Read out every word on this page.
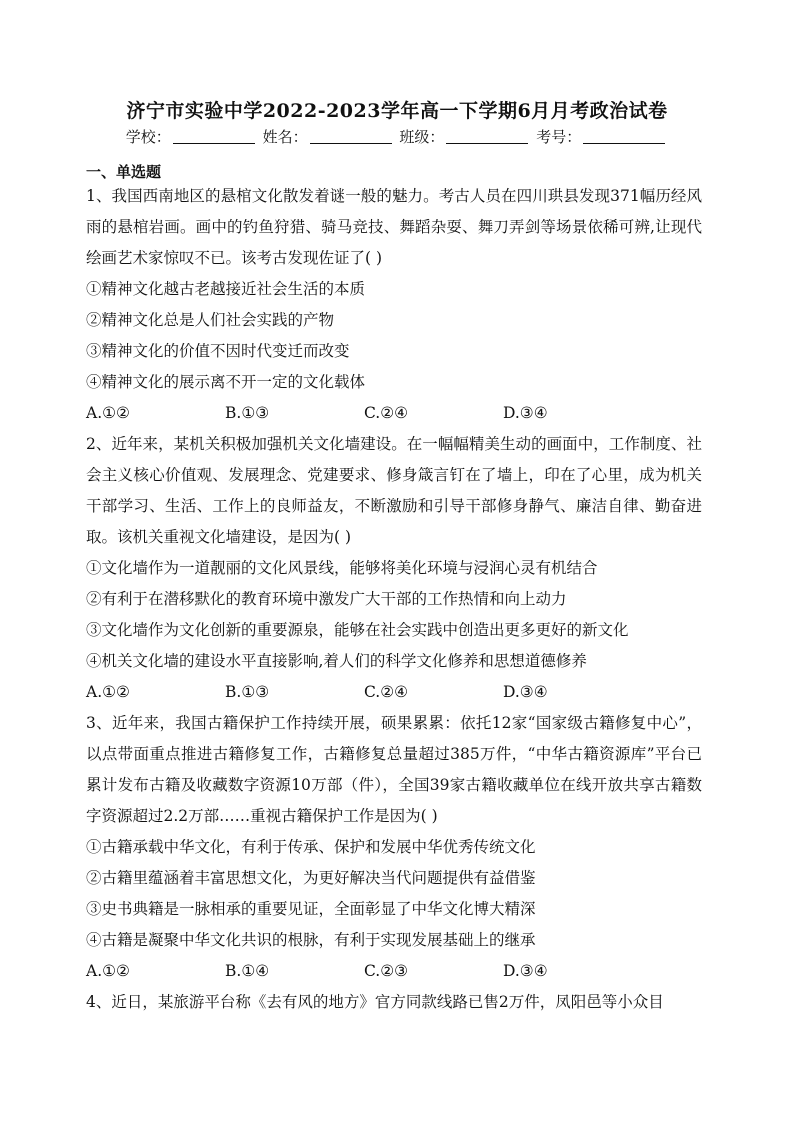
济宁市实验中学2022-2023学年高一下学期6月月考政治试卷
学校：	姓名：	班级：	考号：
一、单选题

1、我国西南地区的悬棺文化散发着谜一般的魅力。考古人员在四川珙县发现371幅历经风雨的悬棺岩画。画中的钓鱼狩猎、骑马竞技、舞蹈杂耍、舞刀弄剑等场景依稀可辨,让现代绘画艺术家惊叹不已。该考古发现佐证了( )

①精神文化越古老越接近社会生活的本质

②精神文化总是人们社会实践的产物

③精神文化的价值不因时代变迁而改变

④精神文化的展示离不开一定的文化载体

A.①②	B.①③	C.②④	D.③④

2、近年来，某机关积极加强机关文化墙建设。在一幅幅精美生动的画面中，工作制度、社会主义核心价值观、发展理念、党建要求、修身箴言钉在了墙上，印在了心里，成为机关干部学习、生活、工作上的良师益友，不断激励和引导干部修身静气、廉洁自律、勤奋进取。该机关重视文化墙建设，是因为( )

①文化墙作为一道靓丽的文化风景线，能够将美化环境与浸润心灵有机结合

②有利于在潜移默化的教育环境中激发广大干部的工作热情和向上动力

③文化墙作为文化创新的重要源泉，能够在社会实践中创造出更多更好的新文化

④机关文化墙的建设水平直接影响,着人们的科学文化修养和思想道德修养

A.①②	B.①③	C.②④	D.③④

3、近年来，我国古籍保护工作持续开展，硕果累累：依托12家“国家级古籍修复中心”，以点带面重点推进古籍修复工作，古籍修复总量超过385万件，“中华古籍资源库”平台已累计发布古籍及收藏数字资源10万部（件），全国39家古籍收藏单位在线开放共享古籍数字资源超过2.2万部……重视古籍保护工作是因为( )

①古籍承载中华文化，有利于传承、保护和发展中华优秀传统文化

②古籍里蕴涵着丰富思想文化，为更好解决当代问题提供有益借鉴

③史书典籍是一脉相承的重要见证，全面彰显了中华文化博大精深

④古籍是凝聚中华文化共识的根脉，有利于实现发展基础上的继承

A.①②	B.①④	C.②③	D.③④

4、近日，某旅游平台称《去有风的地方》官方同款线路已售2万件，凤阳邑等小众目
